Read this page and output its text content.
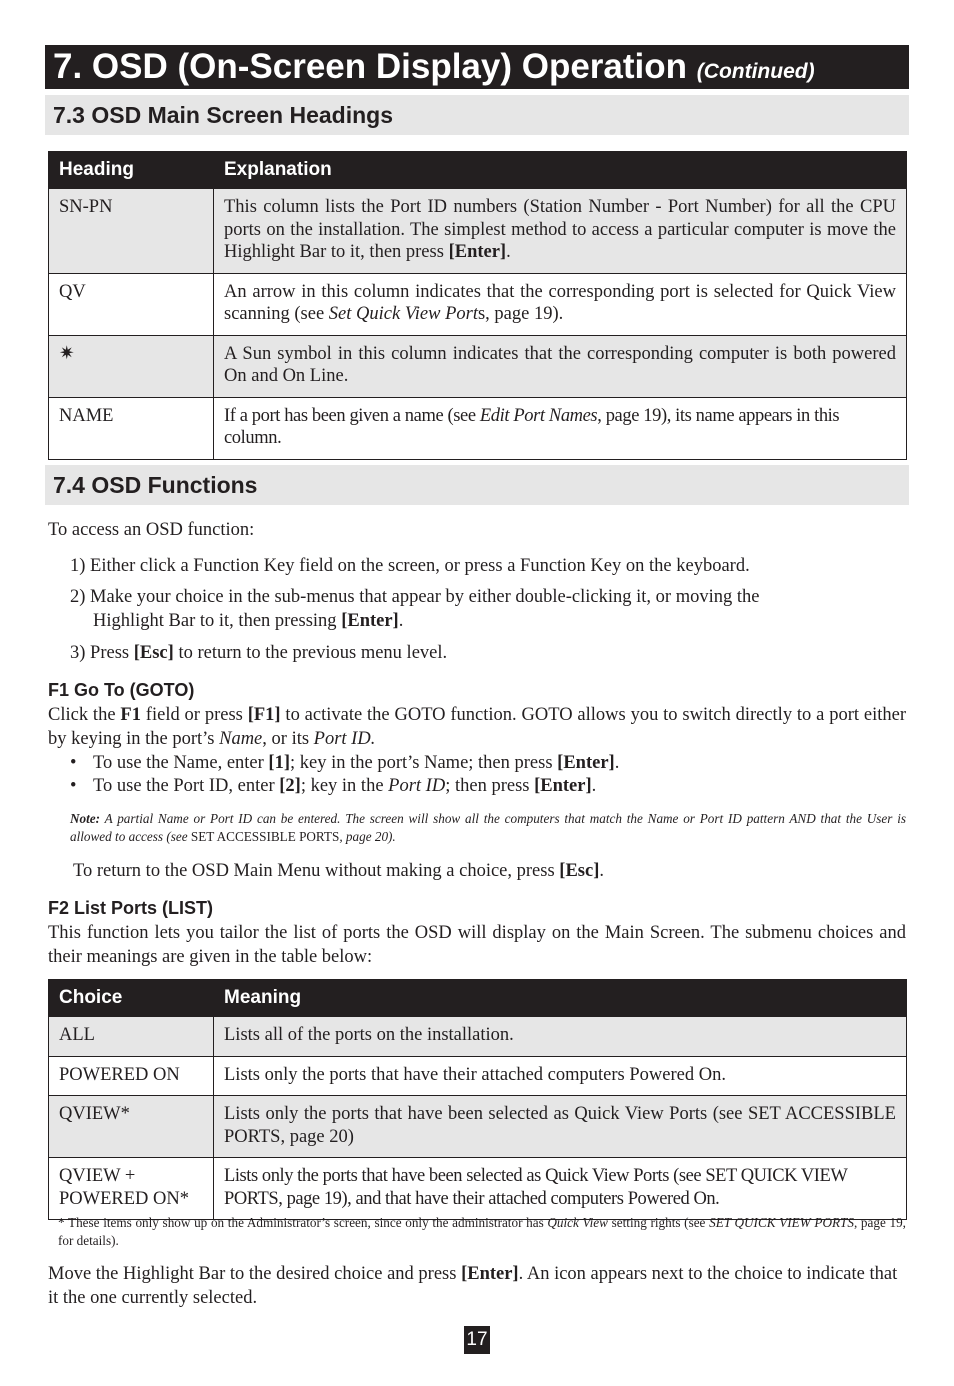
7. OSD (On-Screen Display) Operation (Continued)
7.3 OSD Main Screen Headings
Heading	Explanation
SN-PN	This column lists the Port ID numbers (Station Number - Port Number) for all the CPU ports on the installation. The simplest method to access a particular computer is move the Highlight Bar to it, then press [Enter].
QV	An arrow in this column indicates that the corresponding port is selected for Quick View scanning (see Set Quick View Ports, page 19).
✷	A Sun symbol in this column indicates that the corresponding computer is both powered On and On Line.
NAME	If a port has been given a name (see Edit Port Names, page 19), its name appears in this column.
7.4 OSD Functions
To access an OSD function:
1) Either click a Function Key field on the screen, or press a Function Key on the keyboard.
2) Make your choice in the sub-menus that appear by either double-clicking it, or moving the
Highlight Bar to it, then pressing [Enter].
3) Press [Esc] to return to the previous menu level.
F1 Go To (GOTO)
Click the F1 field or press [F1] to activate the GOTO function. GOTO allows you to switch directly to a port either by keying in the port’s Name, or its Port ID.
• To use the Name, enter [1]; key in the port’s Name; then press [Enter].
• To use the Port ID, enter [2]; key in the Port ID; then press [Enter].
Note: A partial Name or Port ID can be entered. The screen will show all the computers that match the Name or Port ID pattern AND that the User is allowed to access (see SET ACCESSIBLE PORTS, page 20).
To return to the OSD Main Menu without making a choice, press [Esc].
F2 List Ports (LIST)
This function lets you tailor the list of ports the OSD will display on the Main Screen. The submenu choices and their meanings are given in the table below:
Choice	Meaning
ALL	Lists all of the ports on the installation.
POWERED ON	Lists only the ports that have their attached computers Powered On.
QVIEW*	Lists only the ports that have been selected as Quick View Ports (see SET ACCESSIBLE PORTS, page 20)
QVIEW +
POWERED ON*	Lists only the ports that have been selected as Quick View Ports (see SET QUICK VIEW PORTS, page 19), and that have their attached computers Powered On.
* These items only show up on the Administrator’s screen, since only the administrator has Quick View setting rights (see SET QUICK VIEW PORTS, page 19, for details).
Move the Highlight Bar to the desired choice and press [Enter]. An icon appears next to the choice to indicate that it the one currently selected.
17
